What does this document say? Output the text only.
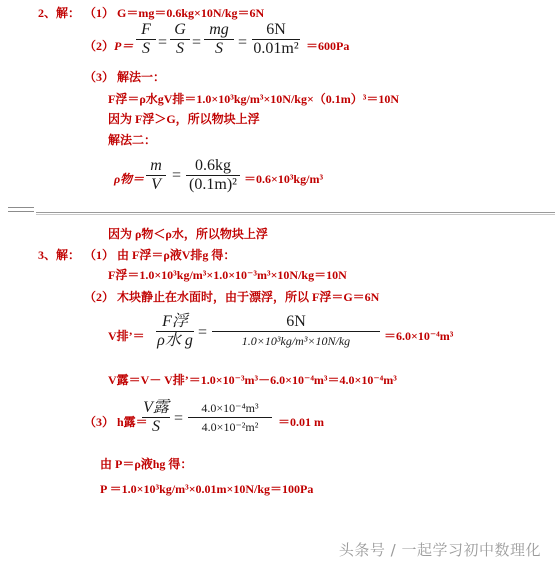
2、解： （1） G＝mg＝0.6kg×10N/kg＝6N
（2） P＝
F
S =
G
S =
mg
S =
6N
0.01m² ＝600Pa
（3） 解法一：
F浮＝ρ水gV排＝1.0×10³kg/m³×10N/kg×（0.1m）³＝10N
因为 F浮＞G，所以物块上浮
解法二：
ρ物＝
m
V
=
0.6kg
(0.1m)² ＝0.6×10³kg/m³
因为 ρ物＜ρ水，所以物块上浮
3、解： （1） 由 F浮＝ρ液V排g 得：
F浮＝1.0×10³kg/m³×1.0×10⁻³m³×10N/kg＝10N
（2） 木块静止在水面时，由于漂浮，所以 F浮＝G＝6N
V排’＝
F浮
ρ水 g =
6N
1.0×10³kg/m³×10N/kg	＝6.0×10⁻⁴m³
V露＝V－ V排’＝1.0×10⁻³m³－6.0×10⁻⁴m³＝4.0×10⁻⁴m³
（3） h露＝
V露
S =
4.0×10⁻⁴m³
4.0×10⁻²m²	＝0.01 m
由 P＝ρ液hg 得：
P ＝1.0×10³kg/m³×0.01m×10N/kg＝100Pa
头条号 / 一起学习初中数理化
